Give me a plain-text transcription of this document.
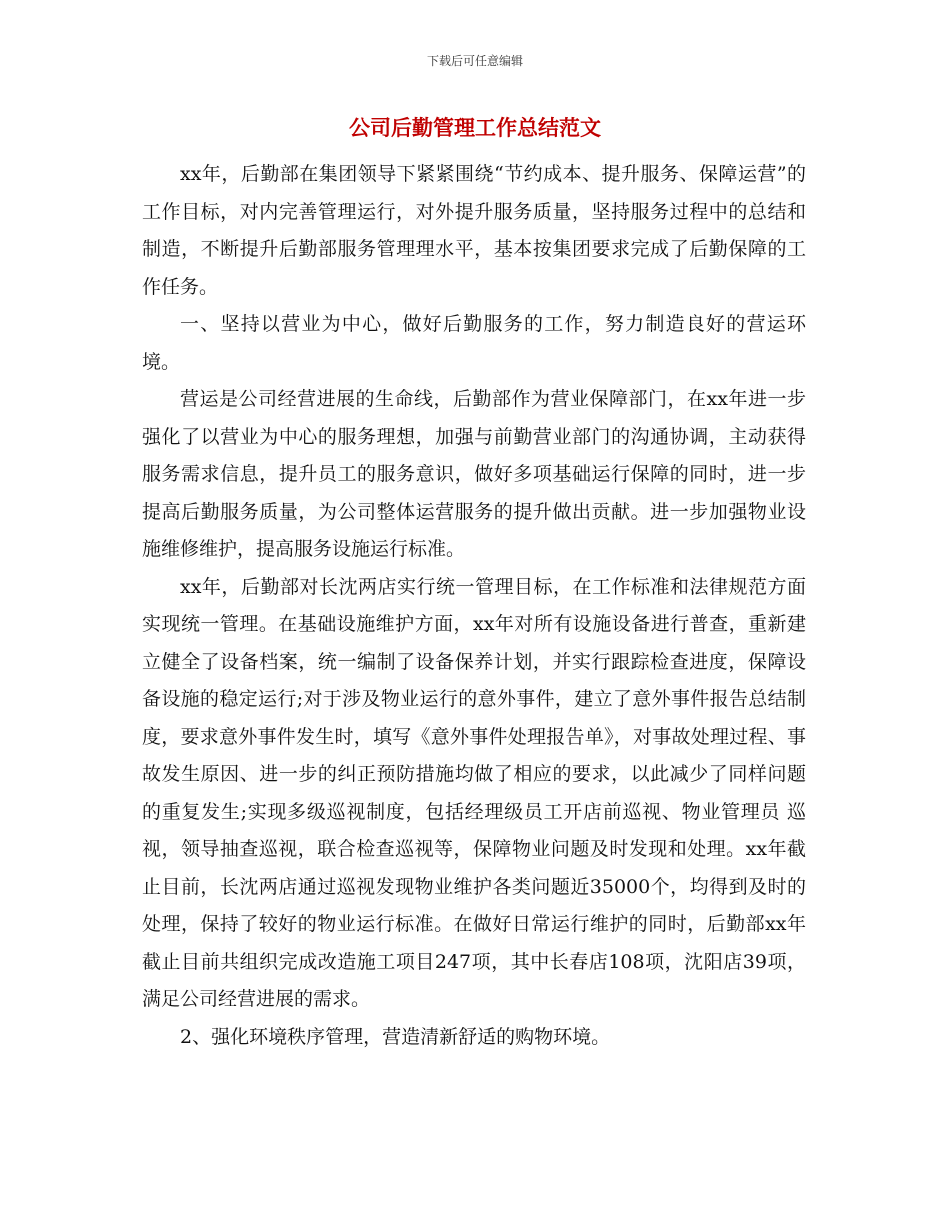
下载后可任意编辑
公司后勤管理工作总结范文

xx年，后勤部在集团领导下紧紧围绕“节约成本、提升服务、保障运营”的工作目标，对内完善管理运行，对外提升服务质量，坚持服务过程中的总结和制造，不断提升后勤部服务管理理水平，基本按集团要求完成了后勤保障的工作任务。

一、坚持以营业为中心，做好后勤服务的工作，努力制造良好的营运环境。

营运是公司经营进展的生命线，后勤部作为营业保障部门，在xx年进一步强化了以营业为中心的服务理想，加强与前勤营业部门的沟通协调，主动获得服务需求信息，提升员工的服务意识，做好多项基础运行保障的同时，进一步提高后勤服务质量，为公司整体运营服务的提升做出贡献。进一步加强物业设施维修维护，提高服务设施运行标准。

xx年，后勤部对长沈两店实行统一管理目标，在工作标准和法律规范方面实现统一管理。在基础设施维护方面，xx年对所有设施设备进行普查，重新建立健全了设备档案，统一编制了设备保养计划，并实行跟踪检查进度，保障设备设施的稳定运行;对于涉及物业运行的意外事件，建立了意外事件报告总结制度，要求意外事件发生时，填写《意外事件处理报告单》，对事故处理过程、事故发生原因、进一步的纠正预防措施均做了相应的要求，以此减少了同样问题的重复发生;实现多级巡视制度，包括经理级员工开店前巡视、物业管理员 巡视，领导抽查巡视，联合检查巡视等，保障物业问题及时发现和处理。xx年截止目前，长沈两店通过巡视发现物业维护各类问题近35000个，均得到及时的处理，保持了较好的物业运行标准。在做好日常运行维护的同时，后勤部xx年截止目前共组织完成改造施工项目247项，其中长春店108项，沈阳店39项，满足公司经营进展的需求。

2、强化环境秩序管理，营造清新舒适的购物环境。
